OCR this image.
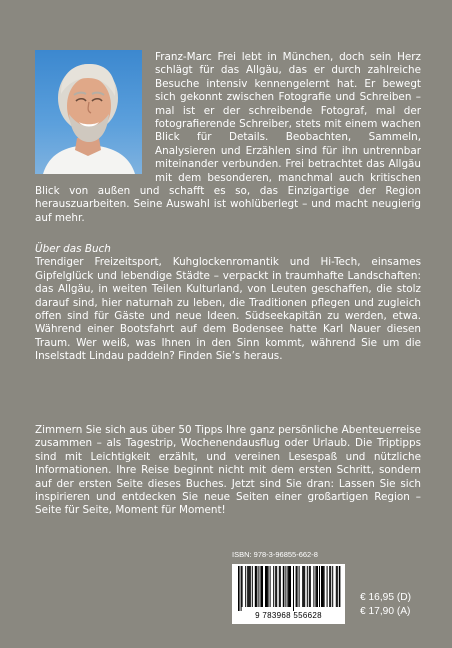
Franz-Marc Frei lebt in München, doch sein Herz schlägt für das Allgäu, das er durch zahlreiche Besuche intensiv kennengelernt hat. Er bewegt sich gekonnt zwischen Fotografie und Schreiben – mal ist er der schreibende Fotograf, mal der fotografierende Schreiber, stets mit einem wachen Blick für Details. Beobachten, Sammeln, Analysieren und Erzählen sind für ihn untrennbar miteinander verbunden. Frei betrachtet das Allgäu mit dem besonderen, manchmal auch kritischen Blick von außen und schafft es so, das Einzigartige der Region herauszuarbeiten. Seine Auswahl ist wohlüberlegt – und macht neugierig auf mehr.

Über das Buch

Trendiger Freizeitsport, Kuhglockenromantik und Hi-Tech, einsames Gipfelglück und lebendige Städte – verpackt in traumhafte Landschaften: das Allgäu, in weiten Teilen Kulturland, von Leuten geschaffen, die stolz darauf sind, hier naturnah zu leben, die Traditionen pflegen und zugleich offen sind für Gäste und neue Ideen. Südseekapitän zu werden, etwa. Während einer Bootsfahrt auf dem Bodensee hatte Karl Nauer diesen Traum. Wer weiß, was Ihnen in den Sinn kommt, während Sie um die Inselstadt Lindau paddeln? Finden Sie’s heraus.

Zimmern Sie sich aus über 50 Tipps Ihre ganz persönliche Abenteuerreise zusammen – als Tagestrip, Wochenendausflug oder Urlaub. Die Triptipps sind mit Leichtigkeit erzählt, und vereinen Lesespaß und nützliche Informationen. Ihre Reise beginnt nicht mit dem ersten Schritt, sondern auf der ersten Seite dieses Buches. Jetzt sind Sie dran: Lassen Sie sich inspirieren und entdecken Sie neue Seiten einer großartigen Region – Seite für Seite, Moment für Moment!

ISBN: 978-3-96855-662-8
9 783968 556628
€ 16,95 (D)
€ 17,90 (A)
